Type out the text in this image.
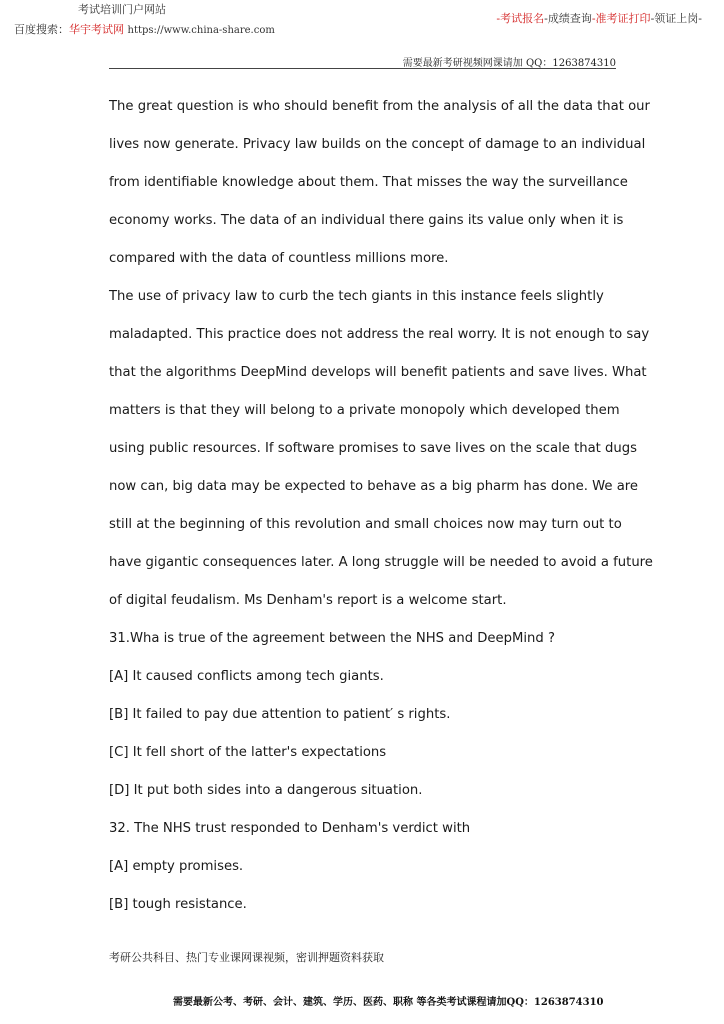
考试培训门户网站
百度搜索：华宇考试网 https://www.china-share.com
-考试报名-成绩查询-准考证打印-领证上岗-
需要最新考研视频网课请加 QQ：1263874310
The great question is who should benefit from the analysis of all the data that our
lives now generate. Privacy law builds on the concept of damage to an individual
from identifiable knowledge about them. That misses the way the surveillance
economy works. The data of an individual there gains its value only when it is
compared with the data of countless millions more.
The use of privacy law to curb the tech giants in this instance feels slightly
maladapted. This practice does not address the real worry. It is not enough to say
that the algorithms DeepMind develops will benefit patients and save lives. What
matters is that they will belong to a private monopoly which developed them
using public resources. If software promises to save lives on the scale that dugs
now can, big data may be expected to behave as a big pharm has done. We are
still at the beginning of this revolution and small choices now may turn out to
have gigantic consequences later. A long struggle will be needed to avoid a future
of digital feudalism. Ms Denham's report is a welcome start.
31.Wha is true of the agreement between the NHS and DeepMind ?
[A] It caused conflicts among tech giants.
[B] It failed to pay due attention to patient′ s rights.
[C] It fell short of the latter's expectations
[D] It put both sides into a dangerous situation.
32. The NHS trust responded to Denham's verdict with
[A] empty promises.
[B] tough resistance.
考研公共科目、热门专业课网课视频，密训押题资料获取
需要最新公考、考研、会计、建筑、学历、医药、职称 等各类考试课程请加QQ：1263874310
